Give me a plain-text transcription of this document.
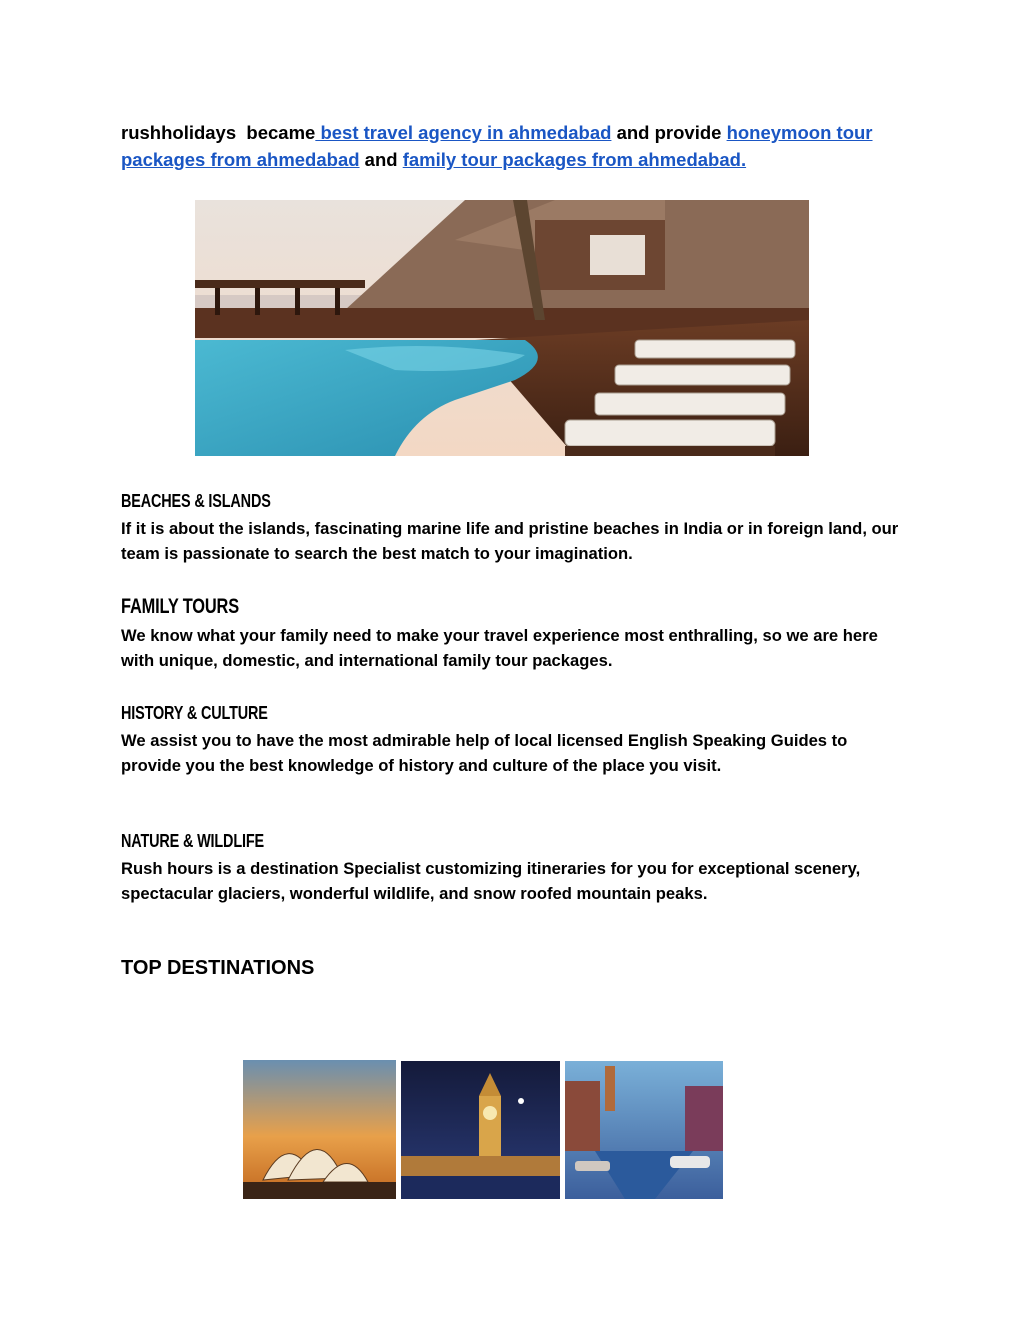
rushholidays became best travel agency in ahmedabad and provide honeymoon tour packages from ahmedabad and family tour packages from ahmedabad.
BEACHES & ISLANDS

If it is about the islands, fascinating marine life and pristine beaches in India or in foreign land, our team is passionate to search the best match to your imagination.

FAMILY TOURS

We know what your family need to make your travel experience most enthralling, so we are here with unique, domestic, and international family tour packages.

HISTORY & CULTURE

We assist you to have the most admirable help of local licensed English Speaking Guides to provide you the best knowledge of history and culture of the place you visit.

NATURE & WILDLIFE

Rush hours is a destination Specialist customizing itineraries for you for exceptional scenery, spectacular glaciers, wonderful wildlife, and snow roofed mountain peaks.

TOP DESTINATIONS
